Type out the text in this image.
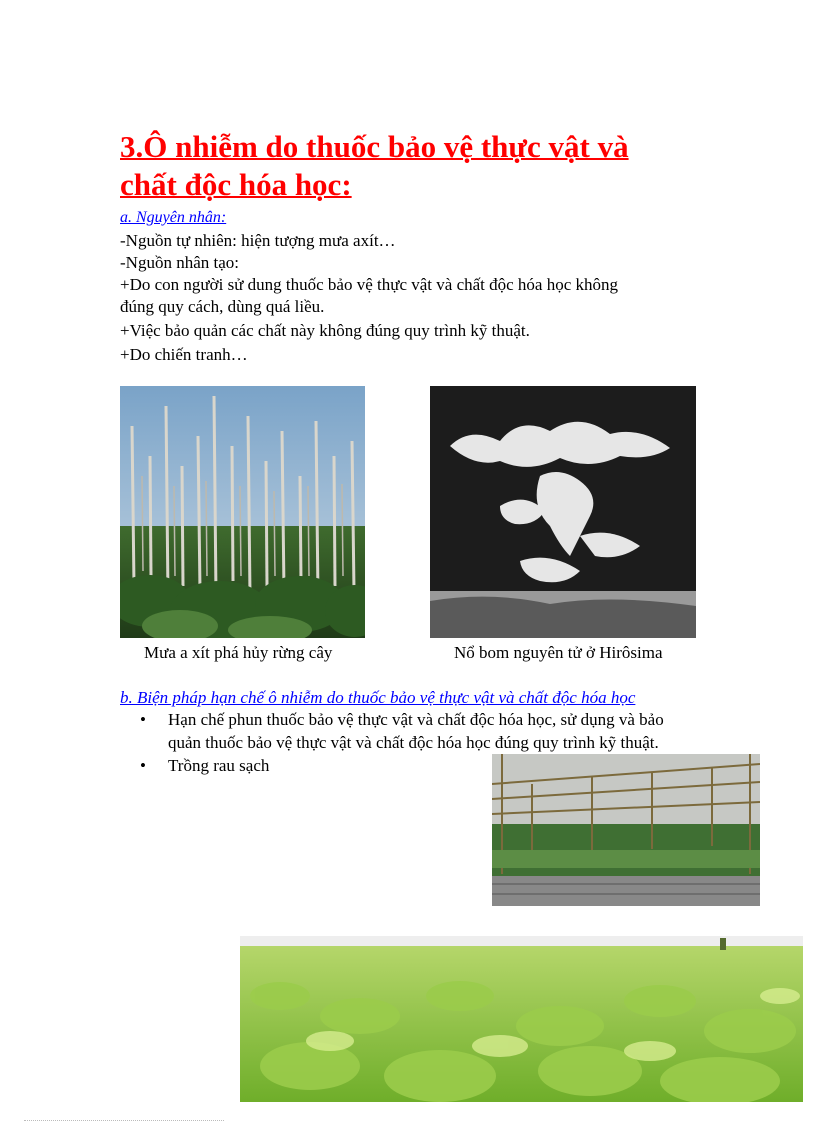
3.Ô nhiễm do thuốc bảo vệ thực vật và
chất độc hóa học:
a. Nguyên nhân:
-Nguồn tự nhiên: hiện tượng mưa axít…
-Nguồn nhân tạo:
+Do con người sử dung thuốc bảo vệ thực vật và chất độc hóa học không
đúng quy cách, dùng quá liều.
+Việc bảo quản các chất này không đúng quy trình kỹ thuật.
+Do chiến tranh…
Mưa a xít phá hủy rừng cây	Nổ bom nguyên tử ở Hirôsima
b. Biện pháp hạn chế ô nhiễm do thuốc bảo vệ thực vật và chất độc hóa học
• Hạn chế phun thuốc bảo vệ thực vật và chất độc hóa học, sử dụng và bảo quản thuốc bảo vệ thực vật và chất độc hóa học đúng quy trình kỹ thuật.
• Trồng rau sạch
